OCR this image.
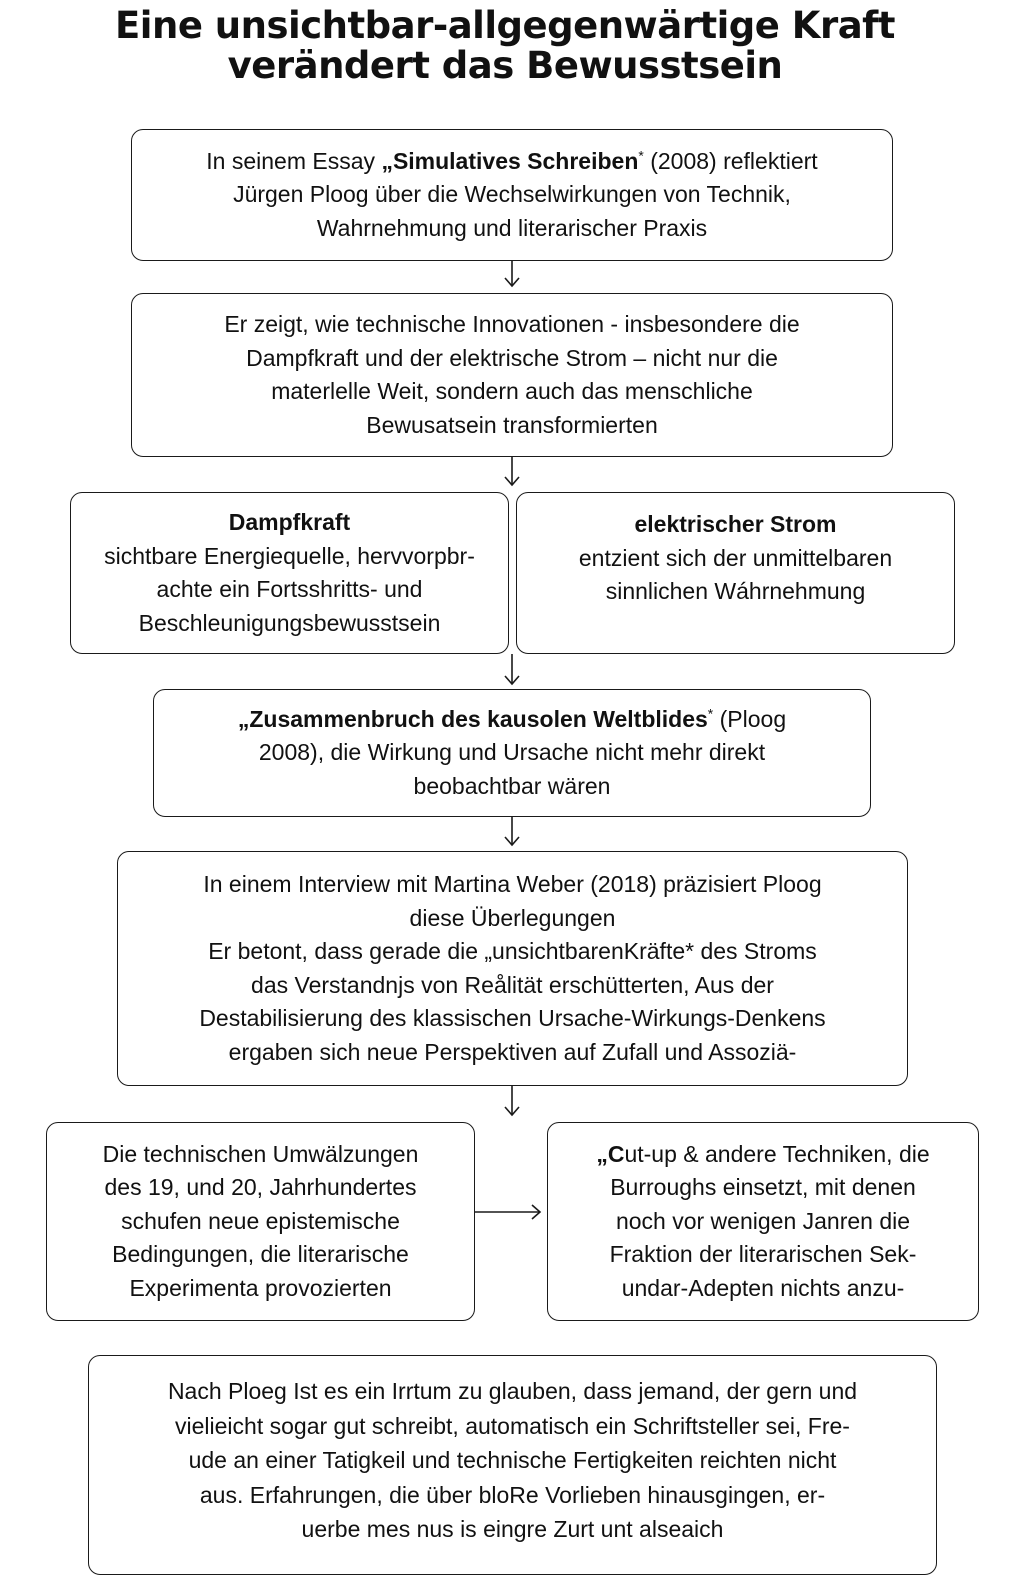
Eine unsichtbar-allgegenwärtige Kraft
verändert das Bewusstsein
In seinem Essay „Simulatives Schreiben* (2008) reflektiert
Jürgen Ploog über die Wechselwirkungen von Technik,
Wahrnehmung und literarischer Praxis
Er zeigt, wie technische Innovationen - insbesondere die
Dampfkraft und der elektrische Strom – nicht nur die
materlelle Weit, sondern auch das menschliche
Bewusatsein transformierten
Dampfkraft
sichtbare Energiequelle, hervvorpbr-
achte ein Fortsshritts- und
Beschleunigungsbewusstsein
elektrischer Strom
entzient sich der unmittelbaren
sinnlichen Wáhrnehmung
„Zusammenbruch des kausolen Weltblides* (Ploog
2008), die Wirkung und Ursache nicht mehr direkt
beobachtbar wären
In einem Interview mit Martina Weber (2018) präzisiert Ploog
diese Überlegungen
Er betont, dass gerade die „unsichtbarenKräfte* des Stroms
das Verstandnjs von Reålität erschütterten, Aus der
Destabilisierung des klassischen Ursache-Wirkungs-Denkens
ergaben sich neue Perspektiven auf Zufall und Assoziä-
Die technischen Umwälzungen
des 19, und 20, Jahrhundertes
schufen neue epistemische
Bedingungen, die literarische
Experimenta provozierten
„Cut-up & andere Techniken, die
Burroughs einsetzt, mit denen
noch vor wenigen Janren die
Fraktion der literarischen Sek-
undar-Adepten nichts anzu-
Nach Ploeg Ist es ein Irrtum zu glauben, dass jemand, der gern und
vielieicht sogar gut schreibt, automatisch ein Schriftsteller sei, Fre-
ude an einer Tatigkeil und technische Fertigkeiten reichten nicht
aus. Erfahrungen, die über bloRe Vorlieben hinausgingen, er-
uerbe mes nus is eingre Zurt unt alseaich
